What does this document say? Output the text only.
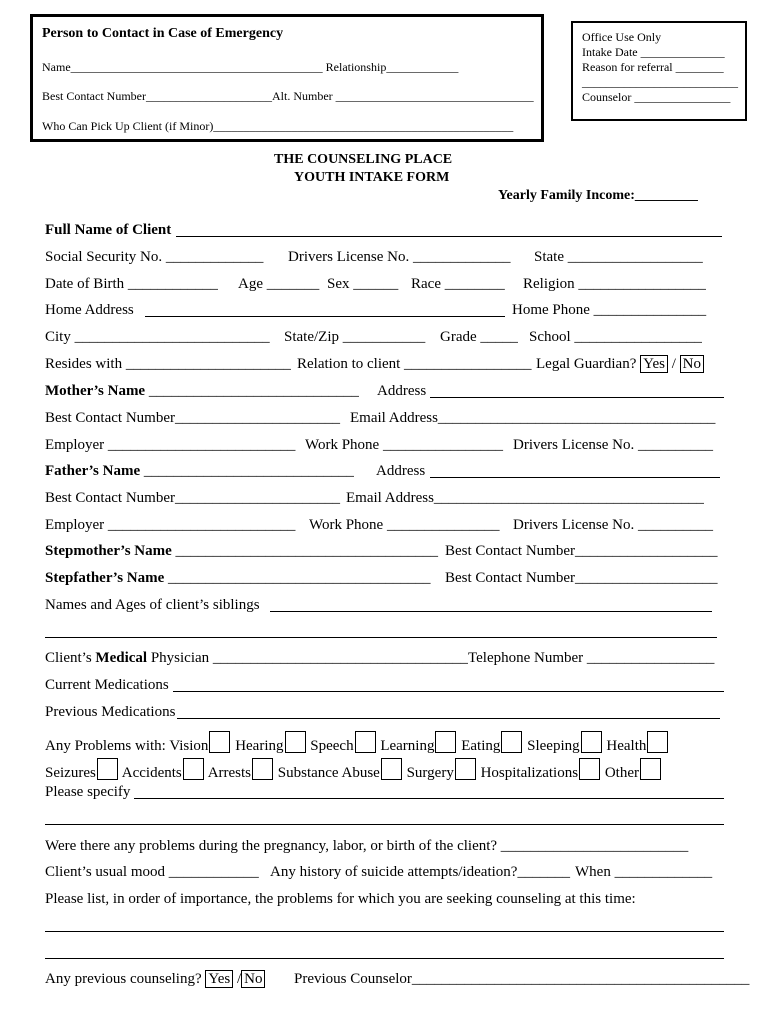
Person to Contact in Case of Emergency
Name__________________________________________ Relationship____________
Best Contact Number_____________________Alt. Number _________________________________
Who Can Pick Up Client (if Minor)__________________________________________________
Office Use Only
Intake Date ______________
Reason for referral ________
__________________________
Counselor ________________
THE COUNSELING PLACE
YOUTH INTAKE FORM
Yearly Family Income:_________
Full Name of Client
Social Security No. _____________ Drivers License No. _____________ State __________________
Date of Birth ____________ Age _______ Sex ______ Race ________ Religion _________________
Home Address	Home Phone _______________
City __________________________ State/Zip ___________ Grade _____ School _________________
Resides with ______________________ Relation to client _________________ Legal Guardian? Yes / No
Mother’s Name ____________________________ Address
Best Contact Number______________________ Email Address_____________________________________
Employer _________________________ Work Phone ________________ Drivers License No. __________
Father’s Name ____________________________ Address
Best Contact Number______________________ Email Address____________________________________
Employer _________________________ Work Phone _______________ Drivers License No. __________
Stepmother’s Name ___________________________________ Best Contact Number___________________
Stepfather’s Name ___________________________________ Best Contact Number___________________
Names and Ages of client’s siblings
Client’s Medical Physician __________________________________ Telephone Number _________________
Current Medications
Previous Medications
Any Problems with: Vision Hearing Speech Learning Eating Sleeping Health
Seizures Accidents Arrests Substance Abuse Surgery Hospitalizations Other
Please specify
Were there any problems during the pregnancy, labor, or birth of the client? _________________________
Client’s usual mood ____________ Any history of suicide attempts/ideation?_______ When _____________
Please list, in order of importance, the problems for which you are seeking counseling at this time:
Any previous counseling? Yes / No Previous Counselor_____________________________________________
